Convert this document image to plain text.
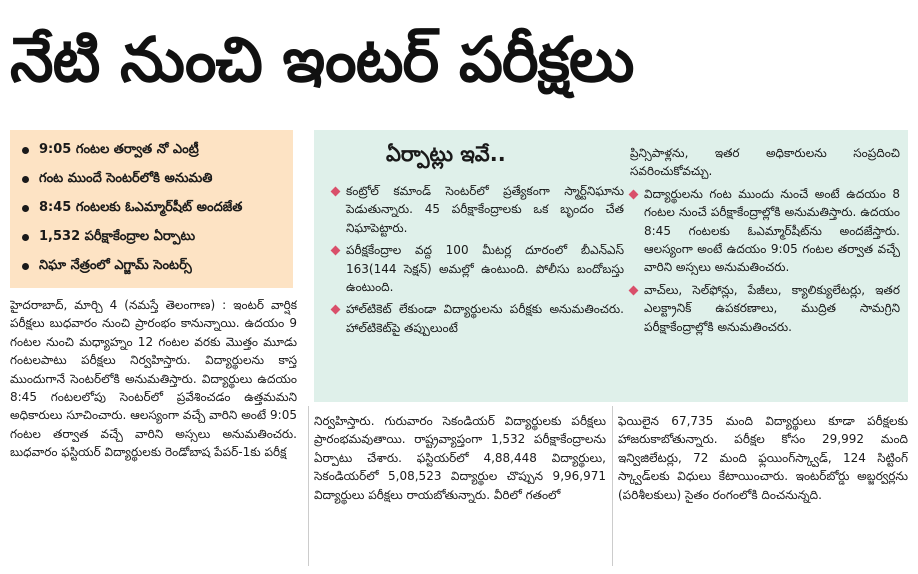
నేటి నుంచి ఇంటర్ పరీక్షలు
9:05 గంటల తర్వాత నో ఎంట్రీ
గంట ముందే సెంటర్‌లోకి అనుమతి
8:45 గంటలకు ఓఎమ్మార్‌షీట్ అందజేత
1,532 పరీక్షాకేంద్రాల ఏర్పాటు
నిఘా నేత్రంలో ఎగ్జామ్ సెంటర్స్

హైదరాబాద్, మార్చి 4 (నమస్తే తెలంగాణ) : ఇంటర్ వార్షిక పరీక్షలు బుధవారం నుంచి ప్రారంభం కానున్నాయి. ఉదయం 9 గంటల నుంచి మధ్యాహ్నం 12 గంటల వరకు మొత్తం మూడు గంటలపాటు పరీక్షలు నిర్వహిస్తారు. విద్యార్థులను కాస్త ముందుగానే సెంటర్‌లోకి అనుమతిస్తారు. విద్యార్థులు ఉదయం 8:45 గంటలలోపు సెంటర్‌లో ప్రవేశించడం ఉత్తమమని అధికారులు సూచించారు. ఆలస్యంగా వచ్చే వారిని అంటే 9:05 గంటల తర్వాత వచ్చే వారిని అస్సలు అనుమతించరు. బుధవారం ఫస్టియర్ విద్యార్థులకు రెండోబాష పేపర్-1కు పరీక్ష

ఏర్పాట్లు ఇవే..
కంట్రోల్ కమాండ్ సెంటర్‌లో ప్రత్యేకంగా స్మార్ట్‌నిఘాను పెడుతున్నారు. 45 పరీక్షాకేంద్రాలకు ఒక బృందం చేత నిఘాపెట్టారు.
పరీక్షకేంద్రాల వద్ద 100 మీటర్ల దూరంలో బీఎన్‌ఎస్ 163(144 సెక్షన్) అమల్లో ఉంటుంది. పోలీసు బందోబస్తు ఉంటుంది.
హాల్‌టికెట్ లేకుండా విద్యార్థులను పరీక్షకు అనుమతించరు. హాల్‌టికెట్‌పై తప్పులుంటే
ప్రిన్సిపాళ్లను, ఇతర అధికారులను సంప్రదించి సవరించుకోవచ్చు.
విద్యార్థులను గంట ముందు నుంచే అంటే ఉదయం 8 గంటల నుంచే పరీక్షాకేంద్రాల్లోకి అనుమతిస్తారు. ఉదయం 8:45 గంటలకు ఓఎమ్మార్‌షీట్‌ను అందజేస్తారు. ఆలస్యంగా అంటే ఉదయం 9:05 గంటల తర్వాత వచ్చే వారిని అస్సలు అనుమతించరు.
వాచ్‌లు, సెల్‌ఫోన్లు, పేజీలు, క్యాలిక్యులేటర్లు, ఇతర ఎలక్ట్రానిక్ ఉపకరణాలు, ముద్రిత సామగ్రిని పరీక్షాకేంద్రాల్లోకి అనుమతించరు.

నిర్వహిస్తారు. గురువారం సెకండియర్ విద్యార్థులకు పరీక్షలు ప్రారంభమవుతాయి. రాష్ట్రవ్యాప్తంగా 1,532 పరీక్షాకేంద్రాలను ఏర్పాటు చేశారు. ఫస్టియర్‌లో 4,88,448 విద్యార్థులు, సెకండియర్‌లో 5,08,523 విద్యార్థుల చొప్పున 9,96,971 విద్యార్థులు పరీక్షలు రాయబోతున్నారు. వీరిలో గతంలో

ఫెయిలైన 67,735 మంది విద్యార్థులు కూడా పరీక్షలకు హాజరుకాబోతున్నారు. పరీక్షల కోసం 29,992 మంది ఇన్విజిలేటర్లు, 72 మంది ఫ్లయింగ్‌స్క్వాడ్, 124 సిట్టింగ్ స్క్వాడ్‌లకు విధులు కేటాయించారు. ఇంటర్‌బోర్డు అబ్జర్వర్లను (పరిశీలకులు) సైతం రంగంలోకి దించనున్నది.
